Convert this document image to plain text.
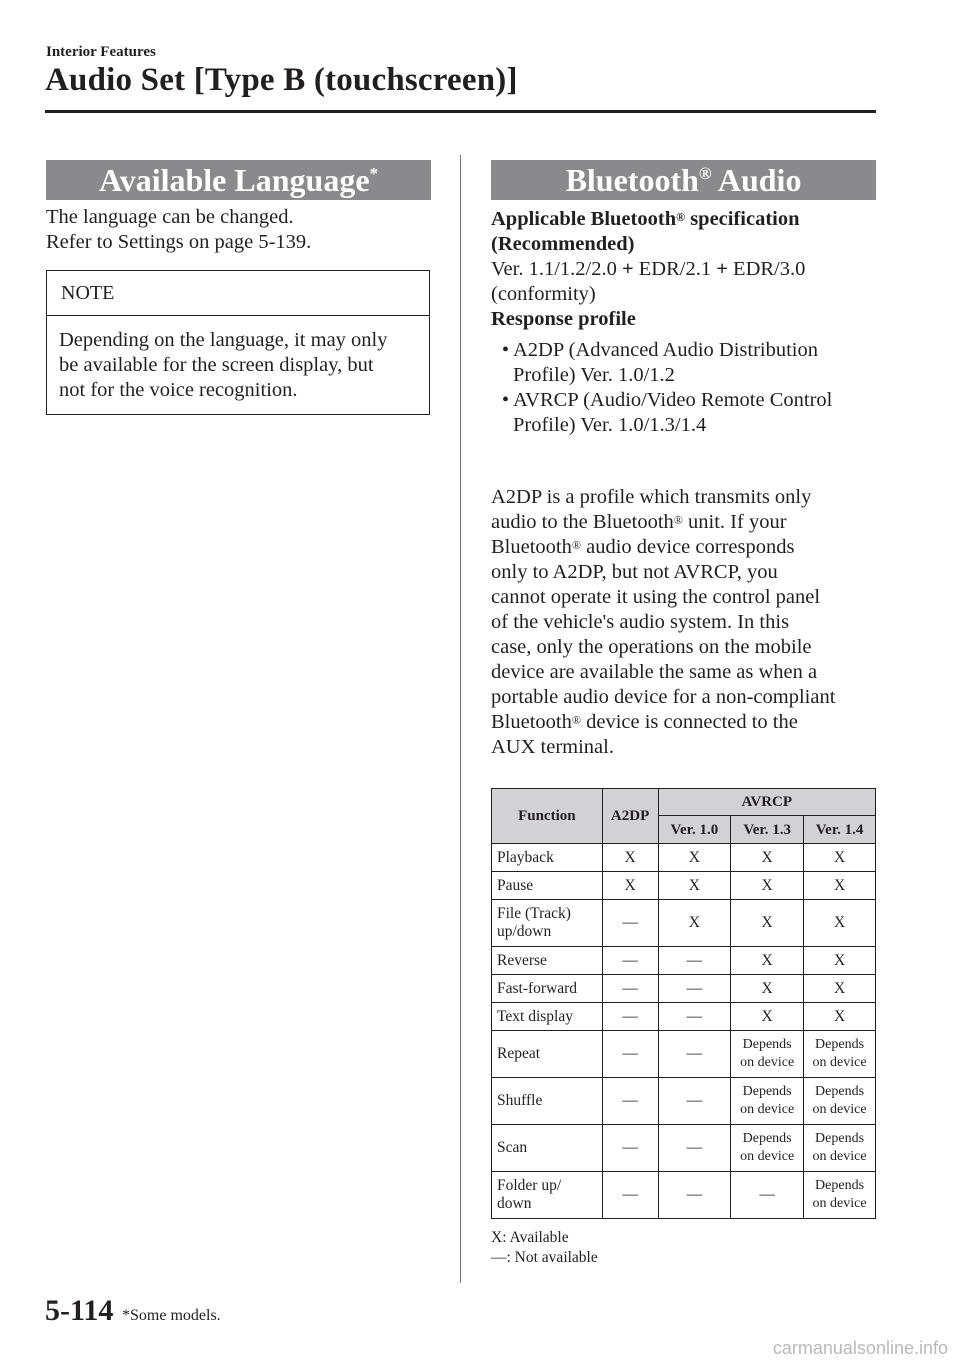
Interior Features
Audio Set [Type B (touchscreen)]
Available Language*
The language can be changed.
Refer to Settings on page 5-139.
NOTE
Depending on the language, it may only
be available for the screen display, but
not for the voice recognition.
Bluetooth® Audio
Applicable Bluetooth® specification
(Recommended)
Ver. 1.1/1.2/2.0 + EDR/2.1 + EDR/3.0
(conformity)
Response profile
• A2DP (Advanced Audio Distribution
Profile) Ver. 1.0/1.2
• AVRCP (Audio/Video Remote Control
Profile) Ver. 1.0/1.3/1.4
A2DP is a profile which transmits only
audio to the Bluetooth® unit. If your
Bluetooth® audio device corresponds
only to A2DP, but not AVRCP, you
cannot operate it using the control panel
of the vehicle's audio system. In this
case, only the operations on the mobile
device are available the same as when a
portable audio device for a non-compliant
Bluetooth® device is connected to the
AUX terminal.
Function	A2DP	AVRCP		
		Ver. 1.0	Ver. 1.3	Ver. 1.4
Playback	X	X	X	X
Pause	X	X	X	X
File (Track) up/down	—	X	X	X
Reverse	—	—	X	X
Fast-forward	—	—	X	X
Text display	—	—	X	X
Repeat	—	—	Depends on device	Depends on device
Shuffle	—	—	Depends on device	Depends on device
Scan	—	—	Depends on device	Depends on device
Folder up/ down	—	—	—	Depends on device
X: Available
—: Not available
5-114 *Some models.
carmanualsonline.info
